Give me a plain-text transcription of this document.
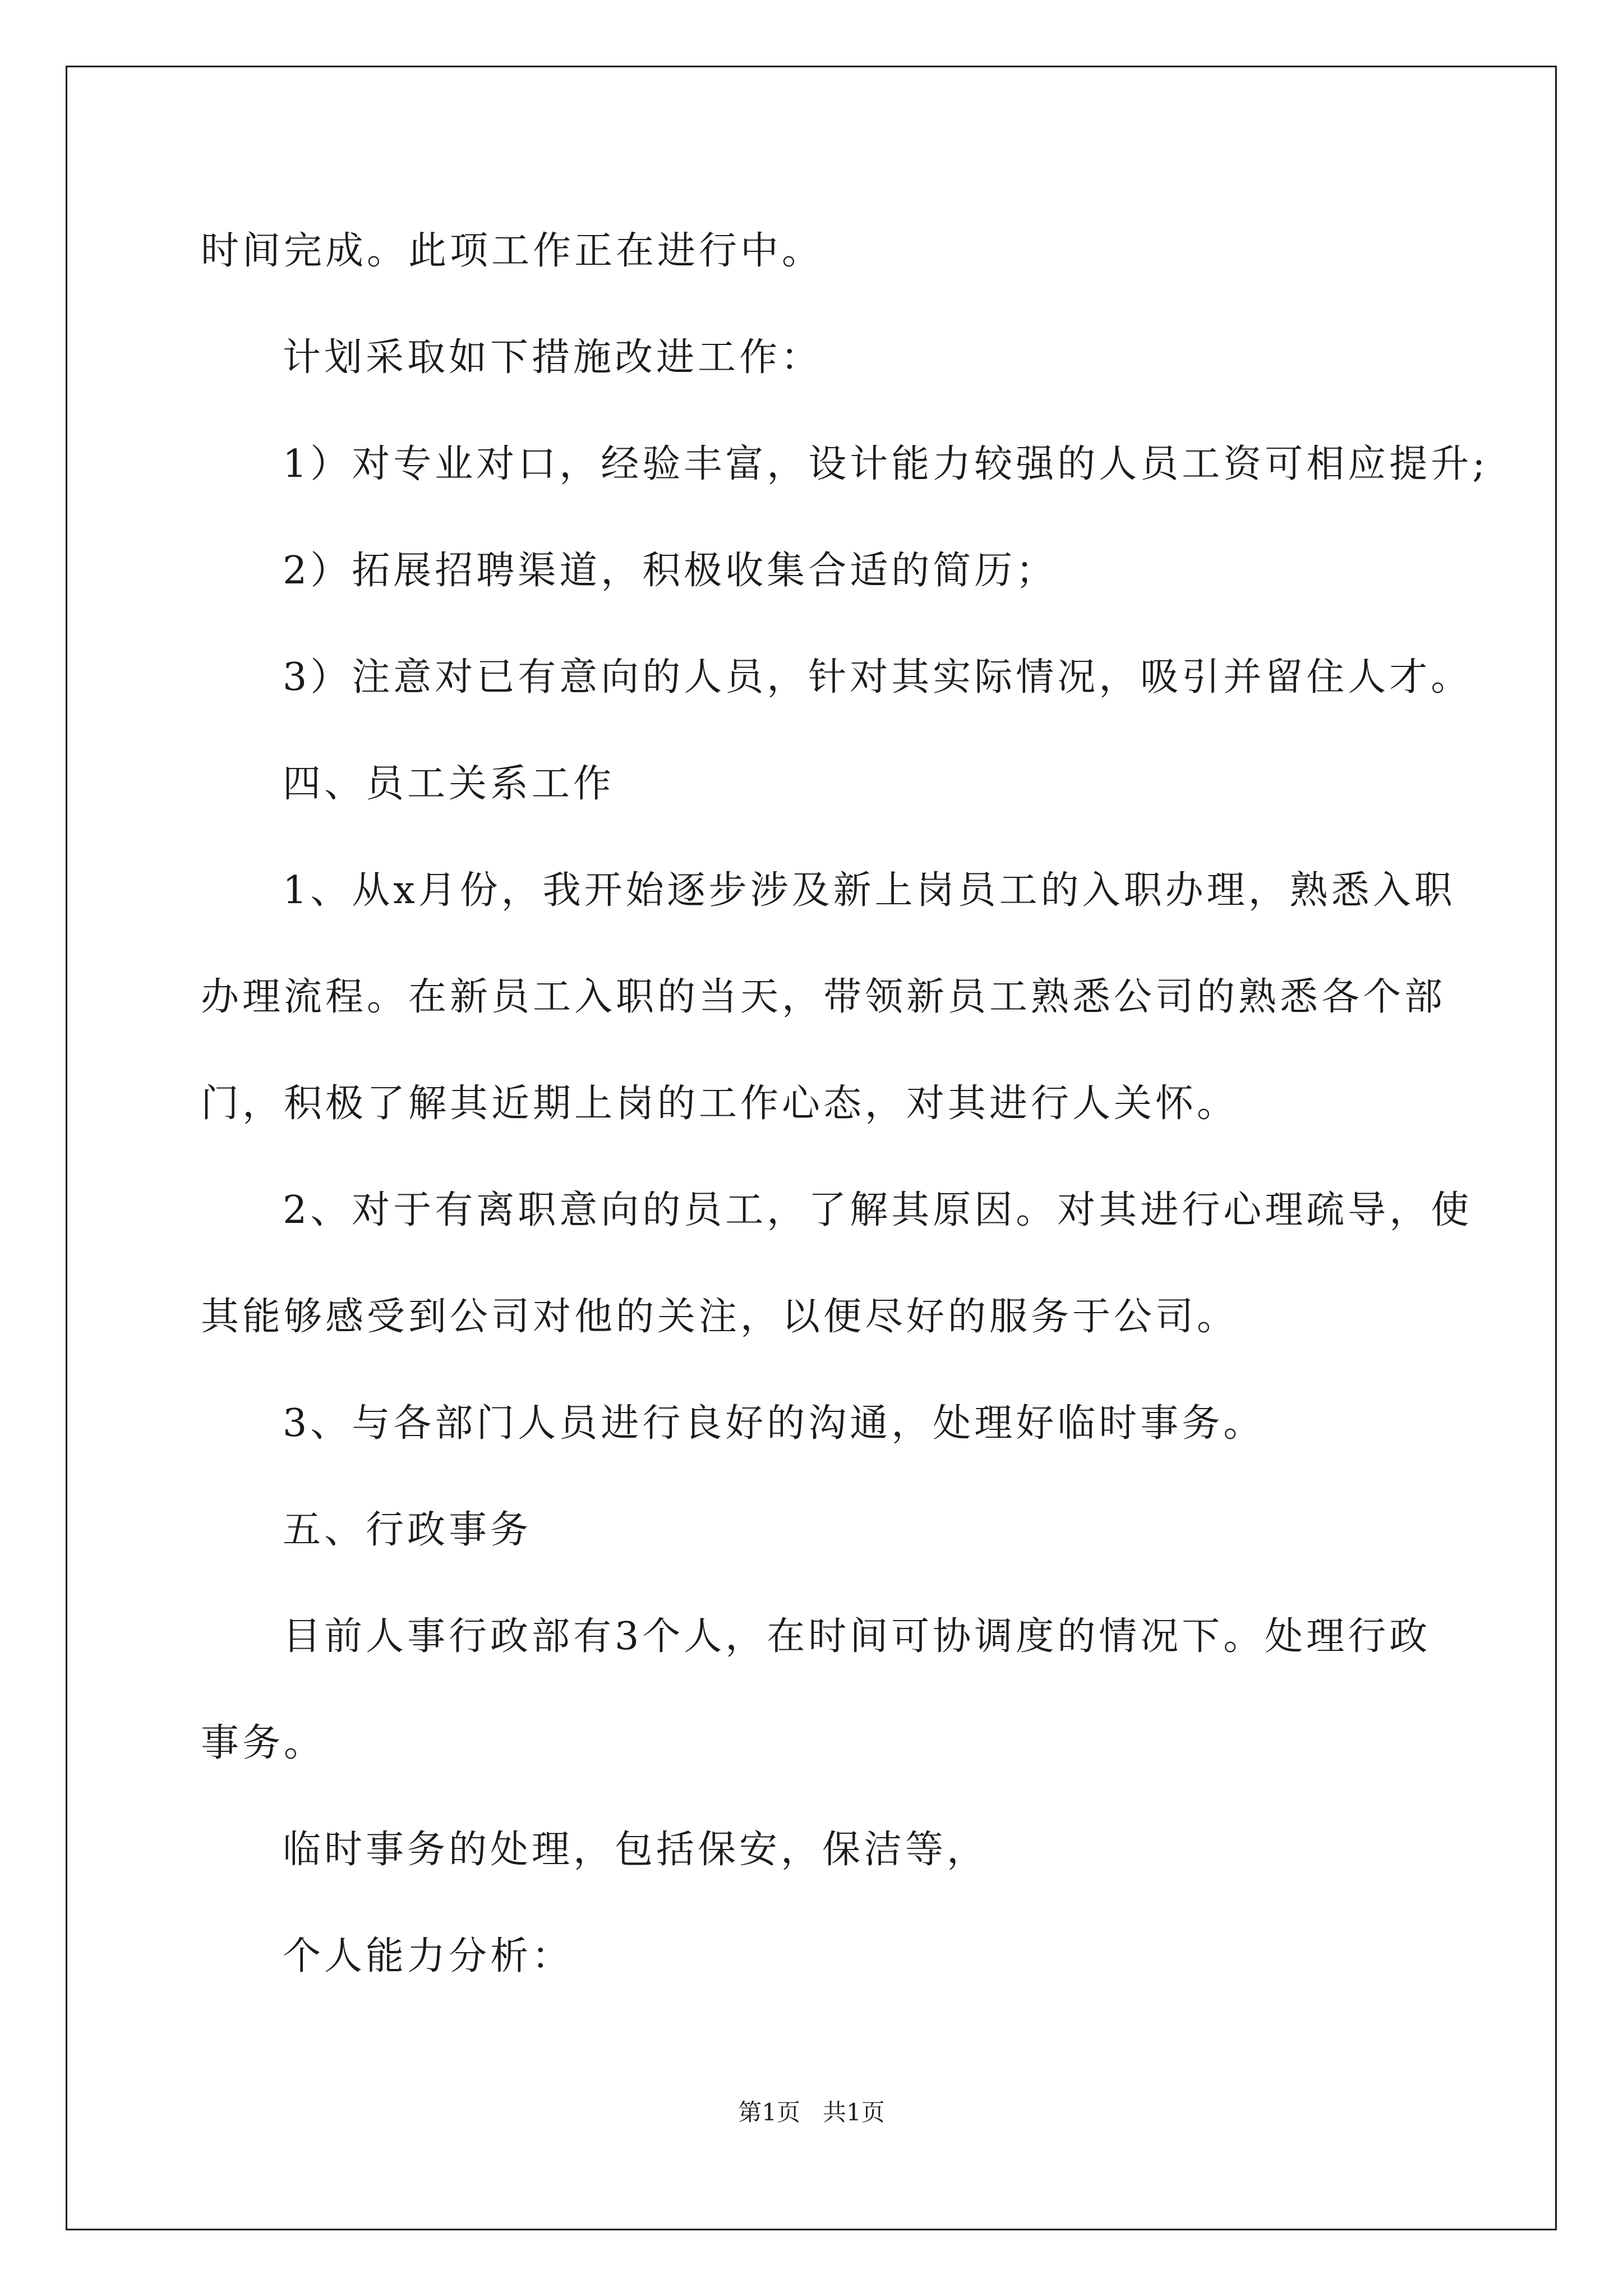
时间完成。此项工作正在进行中。
计划采取如下措施改进工作：
1）对专业对口，经验丰富，设计能力较强的人员工资可相应提升;
2）拓展招聘渠道，积极收集合适的简历；
3）注意对已有意向的人员，针对其实际情况，吸引并留住人才。
四、员工关系工作
1、从x月份，我开始逐步涉及新上岗员工的入职办理，熟悉入职
办理流程。在新员工入职的当天，带领新员工熟悉公司的熟悉各个部
门，积极了解其近期上岗的工作心态，对其进行人关怀。
2、对于有离职意向的员工，了解其原因。对其进行心理疏导，使
其能够感受到公司对他的关注，以便尽好的服务于公司。
3、与各部门人员进行良好的沟通，处理好临时事务。
五、行政事务
目前人事行政部有3个人，在时间可协调度的情况下。处理行政
事务。
临时事务的处理，包括保安，保洁等，
个人能力分析：
第1页   共1页
